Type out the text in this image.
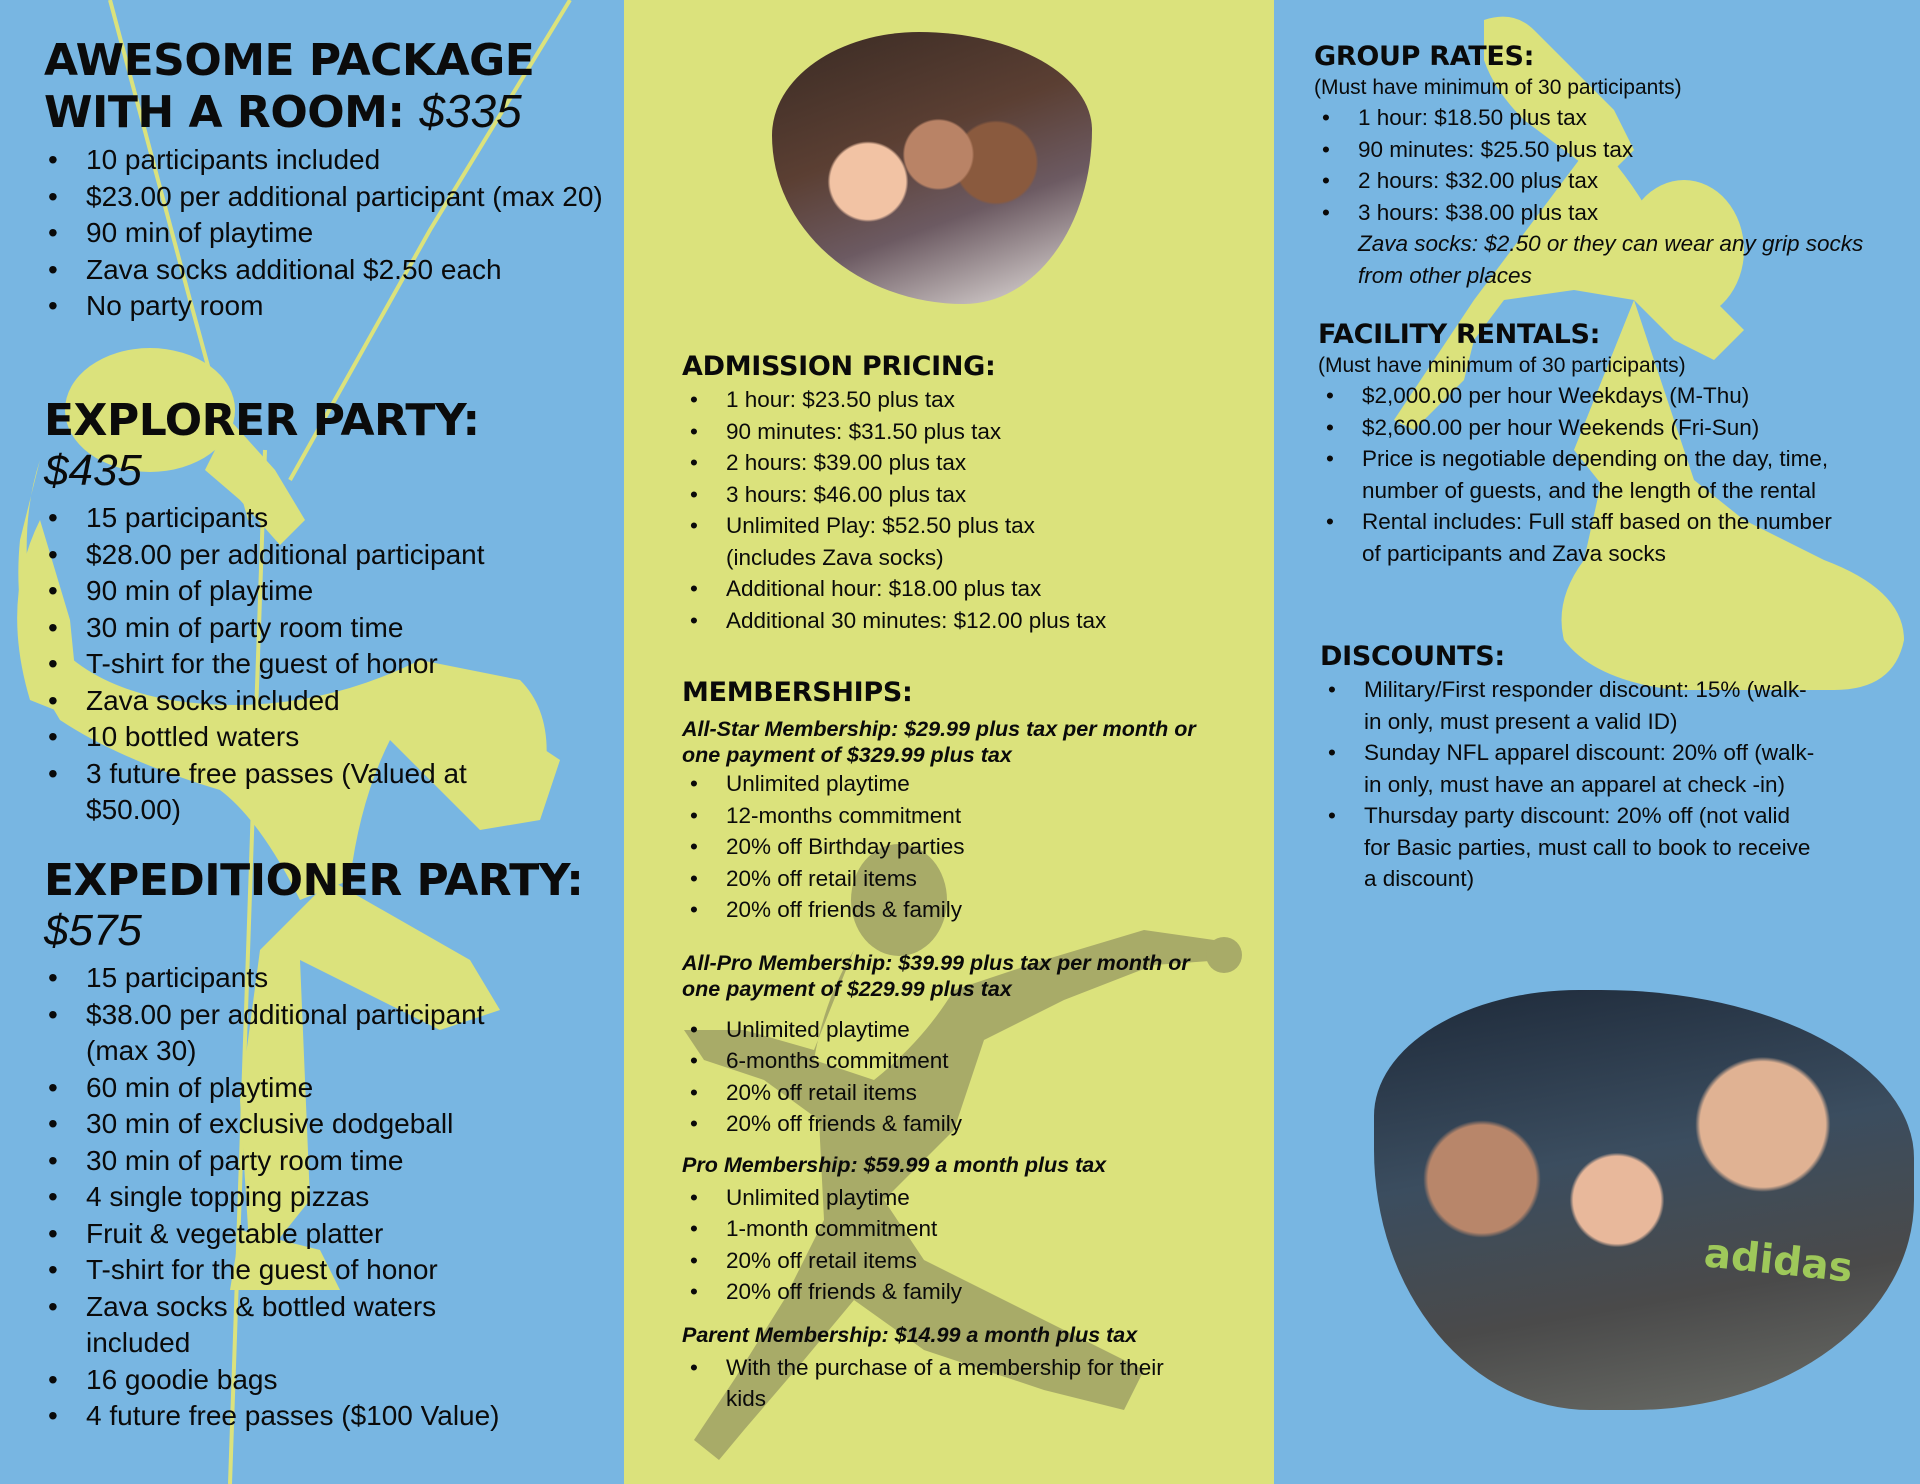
AWESOME PACKAGE
WITH A ROOM: $335
• 10 participants included
• $23.00 per additional participant (max 20)
• 90 min of playtime
• Zava socks additional $2.50 each
• No party room
EXPLORER PARTY:
$435
• 15 participants
• $28.00 per additional participant
• 90 min of playtime
• 30 min of party room time
• T-shirt for the guest of honor
• Zava socks included
• 10 bottled waters
• 3 future free passes (Valued at $50.00)
EXPEDITIONER PARTY:
$575
• 15 participants
• $38.00 per additional participant (max 30)
• 60 min of playtime
• 30 min of exclusive dodgeball
• 30 min of party room time
• 4 single topping pizzas
• Fruit & vegetable platter
• T-shirt for the guest of honor
• Zava socks & bottled waters included
• 16 goodie bags
• 4 future free passes ($100 Value)
ADMISSION PRICING:
• 1 hour: $23.50 plus tax
• 90 minutes: $31.50 plus tax
• 2 hours: $39.00 plus tax
• 3 hours: $46.00 plus tax
• Unlimited Play: $52.50 plus tax (includes Zava socks)
• Additional hour: $18.00 plus tax
• Additional 30 minutes: $12.00 plus tax
MEMBERSHIPS:
All-Star Membership: $29.99 plus tax per month or one payment of $329.99 plus tax
• Unlimited playtime
• 12-months commitment
• 20% off Birthday parties
• 20% off retail items
• 20% off friends & family
All-Pro Membership: $39.99 plus tax per month or one payment of $229.99 plus tax
• Unlimited playtime
• 6-months commitment
• 20% off retail items
• 20% off friends & family
Pro Membership: $59.99 a month plus tax
• Unlimited playtime
• 1-month commitment
• 20% off retail items
• 20% off friends & family
Parent Membership: $14.99 a month plus tax
• With the purchase of a membership for their kids
GROUP RATES:
(Must have minimum of 30 participants)
• 1 hour: $18.50 plus tax
• 90 minutes: $25.50 plus tax
• 2 hours: $32.00 plus tax
• 3 hours: $38.00 plus tax
Zava socks: $2.50 or they can wear any grip socks from other places
FACILITY RENTALS:
(Must have minimum of 30 participants)
• $2,000.00 per hour Weekdays (M-Thu)
• $2,600.00 per hour Weekends (Fri-Sun)
• Price is negotiable depending on the day, time, number of guests, and the length of the rental
• Rental includes: Full staff based on the number of participants and Zava socks
DISCOUNTS:
• Military/First responder discount: 15% (walk-in only, must present a valid ID)
• Sunday NFL apparel discount: 20% off (walk-in only, must have an apparel at check -in)
• Thursday party discount: 20% off (not valid for Basic parties, must call to book to receive a discount)
adidas
